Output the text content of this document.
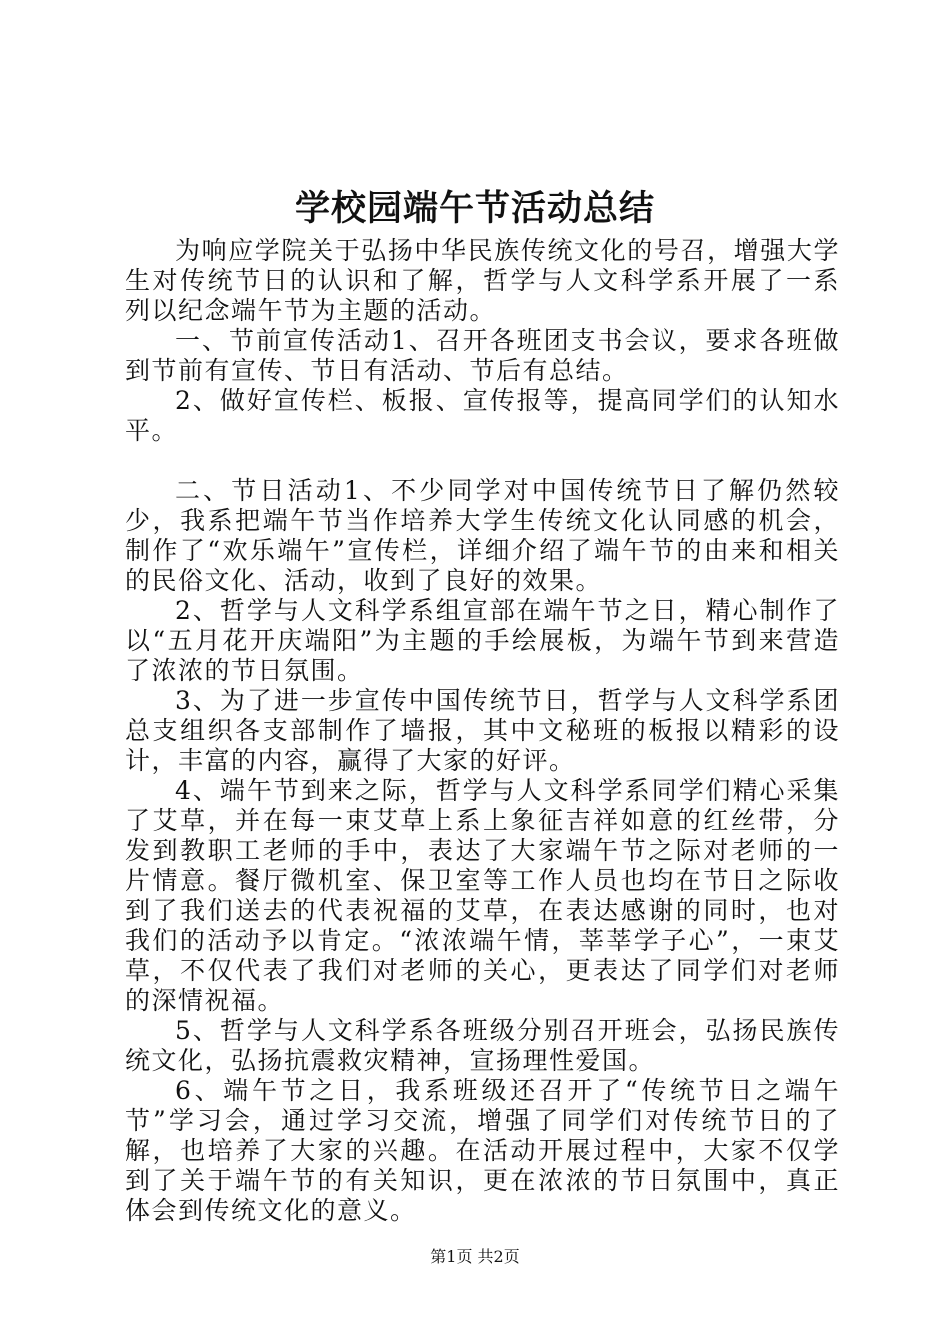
学校园端午节活动总结

为响应学院关于弘扬中华民族传统文化的号召，增强大学生对传统节日的认识和了解，哲学与人文科学系开展了一系列以纪念端午节为主题的活动。

一、节前宣传活动1、召开各班团支书会议，要求各班做到节前有宣传、节日有活动、节后有总结。

2、做好宣传栏、板报、宣传报等，提高同学们的认知水平。

二、节日活动1、不少同学对中国传统节日了解仍然较少，我系把端午节当作培养大学生传统文化认同感的机会，制作了“欢乐端午”宣传栏，详细介绍了端午节的由来和相关的民俗文化、活动，收到了良好的效果。

2、哲学与人文科学系组宣部在端午节之日，精心制作了以“五月花开庆端阳”为主题的手绘展板，为端午节到来营造了浓浓的节日氛围。

3、为了进一步宣传中国传统节日，哲学与人文科学系团总支组织各支部制作了墙报，其中文秘班的板报以精彩的设计，丰富的内容，赢得了大家的好评。

4、端午节到来之际，哲学与人文科学系同学们精心采集了艾草，并在每一束艾草上系上象征吉祥如意的红丝带，分发到教职工老师的手中，表达了大家端午节之际对老师的一片情意。餐厅微机室、保卫室等工作人员也均在节日之际收到了我们送去的代表祝福的艾草，在表达感谢的同时，也对我们的活动予以肯定。“浓浓端午情，莘莘学子心”，一束艾草，不仅代表了我们对老师的关心，更表达了同学们对老师的深情祝福。

5、哲学与人文科学系各班级分别召开班会，弘扬民族传统文化，弘扬抗震救灾精神，宣扬理性爱国。

6、端午节之日，我系班级还召开了“传统节日之端午节”学习会，通过学习交流，增强了同学们对传统节日的了解，也培养了大家的兴趣。在活动开展过程中，大家不仅学到了关于端午节的有关知识，更在浓浓的节日氛围中，真正体会到传统文化的意义。

第1页 共2页
